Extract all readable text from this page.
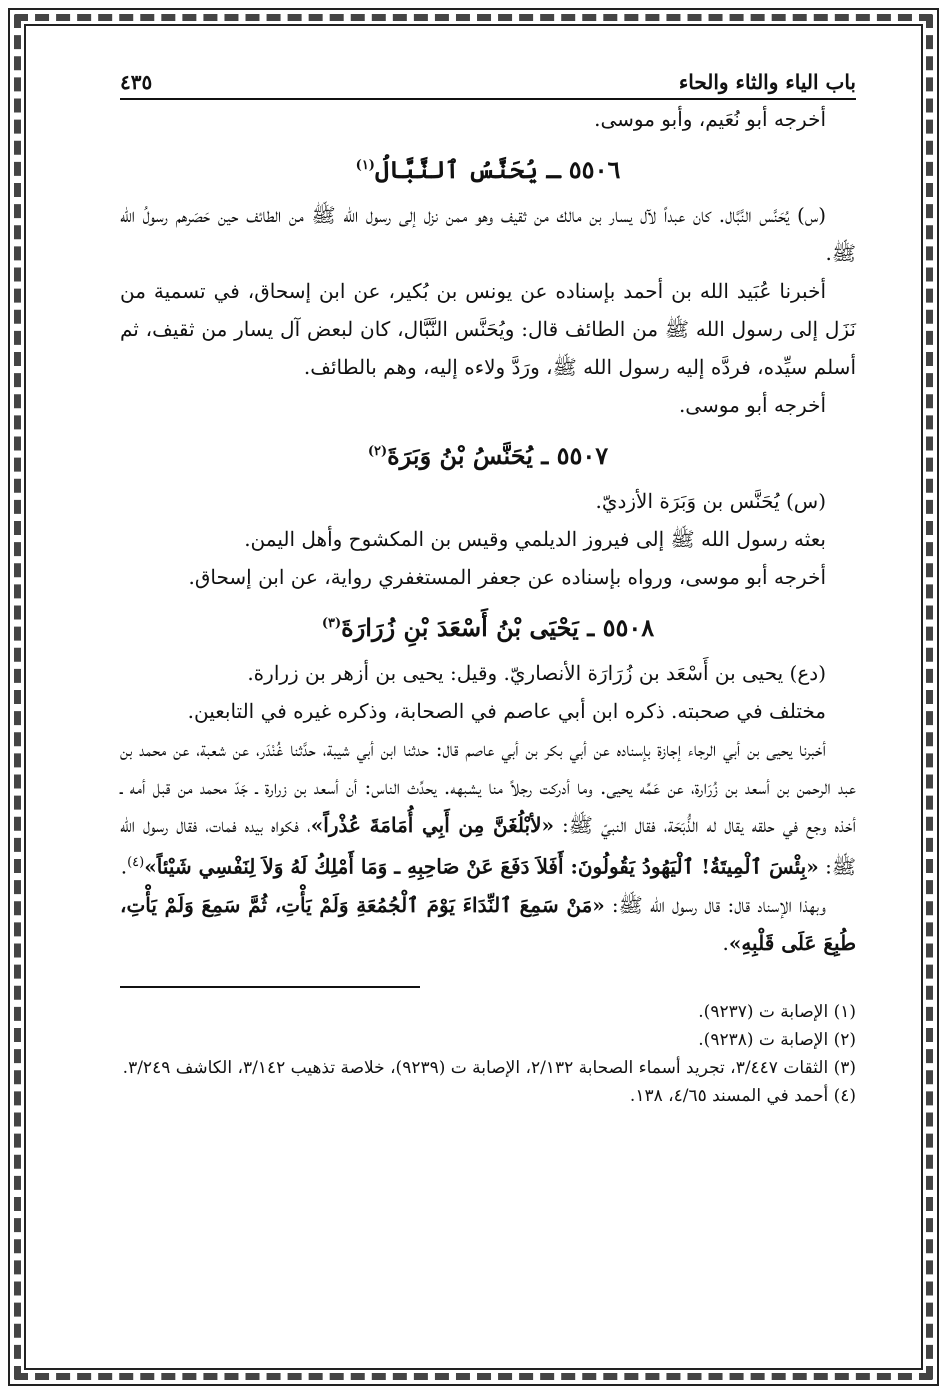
باب الياء والثاء والحاء
٤٣٥

أخرجه أبو نُعَيم، وأبو موسى.

٥٥٠٦ ـ يُحَنَّسُ ٱلنَّبَّالُ$^{(١)}$

(س) يُحَنَّس النَّبَّال. كان عبداً لآل يسار بن مالك من ثقيف وهو ممن نزل إلى رسول الله ﷺ من الطائف حين حَصَرهم رسولُ الله ﷺ.

أخبرنا عُبَيد الله بن أحمد بإسناده عن يونس بن بُكير، عن ابن إسحاق، في تسمية من نَزَل إلى رسول الله ﷺ من الطائف قال: ويُحَنَّس النَّبَّال، كان لبعض آل يسار من ثقيف، ثم أسلم سيِّده، فردَّه إليه رسول الله ﷺ، ورَدَّ ولاءه إليه، وهم بالطائف.

أخرجه أبو موسى.

٥٥٠٧ ـ يُحَنَّسُ بْنُ وَبَرَةَ$^{(٢)}$

(س) يُحَنَّس بن وَبَرَة الأزديّ.

بعثه رسول الله ﷺ إلى فيروز الديلمي وقيس بن المكشوح وأهل اليمن.

أخرجه أبو موسى، ورواه بإسناده عن جعفر المستغفري رواية، عن ابن إسحاق.

٥٥٠٨ ـ يَحْيَى بْنُ أَسْعَدَ بْنِ زُرَارَةَ$^{(٣)}$

(دع) يحيى بن أَسْعَد بن زُرَارَة الأنصاريّ. وقيل: يحيى بن أزهر بن زرارة.

مختلف في صحبته. ذكره ابن أبي عاصم في الصحابة، وذكره غيره في التابعين.

أخبرنا يحيى بن أبي الرجاء إجازة بإسناده عن أبي بكر بن أبي عاصم قال: حدثنا ابن أبي شيبة، حدَّثنا غُنْدَر، عن شعبة، عن محمد بن عبد الرحمن بن أسعد بن زُرَارة، عن عَمِّه يحيى. وما أدركت رجلاً منا يشبهه. يحدِّث الناس: أن أسعد بن زرارة ـ جَدّ محمد من قبل أمه ـ أخذه وجع في حلقه يقال له الذُّبَحَة، فقال النبيّ ﷺ: «لأبْلُغَنَّ مِن أَبِي أُمَامَةَ عُذْراً»، فكواه بيده فمات، فقال رسول الله ﷺ: «بِئْسَ ٱلْمِيتَةُ! ٱلْيَهُودُ يَقُولُونَ: أَفَلاَ دَفَعَ عَنْ صَاحِبِهِ ـ وَمَا أَمْلِكُ لَهُ وَلاَ لِنَفْسِي شَيْئاً»$^{(٤)}$.

وبهذا الإسناد قال: قال رسول الله ﷺ: «مَنْ سَمِعَ ٱلنِّدَاءَ يَوْمَ ٱلْجُمُعَةِ وَلَمْ يَأْتِ، ثُمَّ سَمِعَ وَلَمْ يَأْتِ، طُبِعَ عَلَى قَلْبِهِ».

(١) الإصابة ت (٩٢٣٧).

(٢) الإصابة ت (٩٢٣٨).

(٣) الثقات ٣/٤٤٧، تجريد أسماء الصحابة ٢/١٣٢، الإصابة ت (٩٢٣٩)، خلاصة تذهيب ٣/١٤٢، الكاشف ٣/٢٤٩.

(٤) أحمد في المسند ٤/٦٥، ١٣٨.
